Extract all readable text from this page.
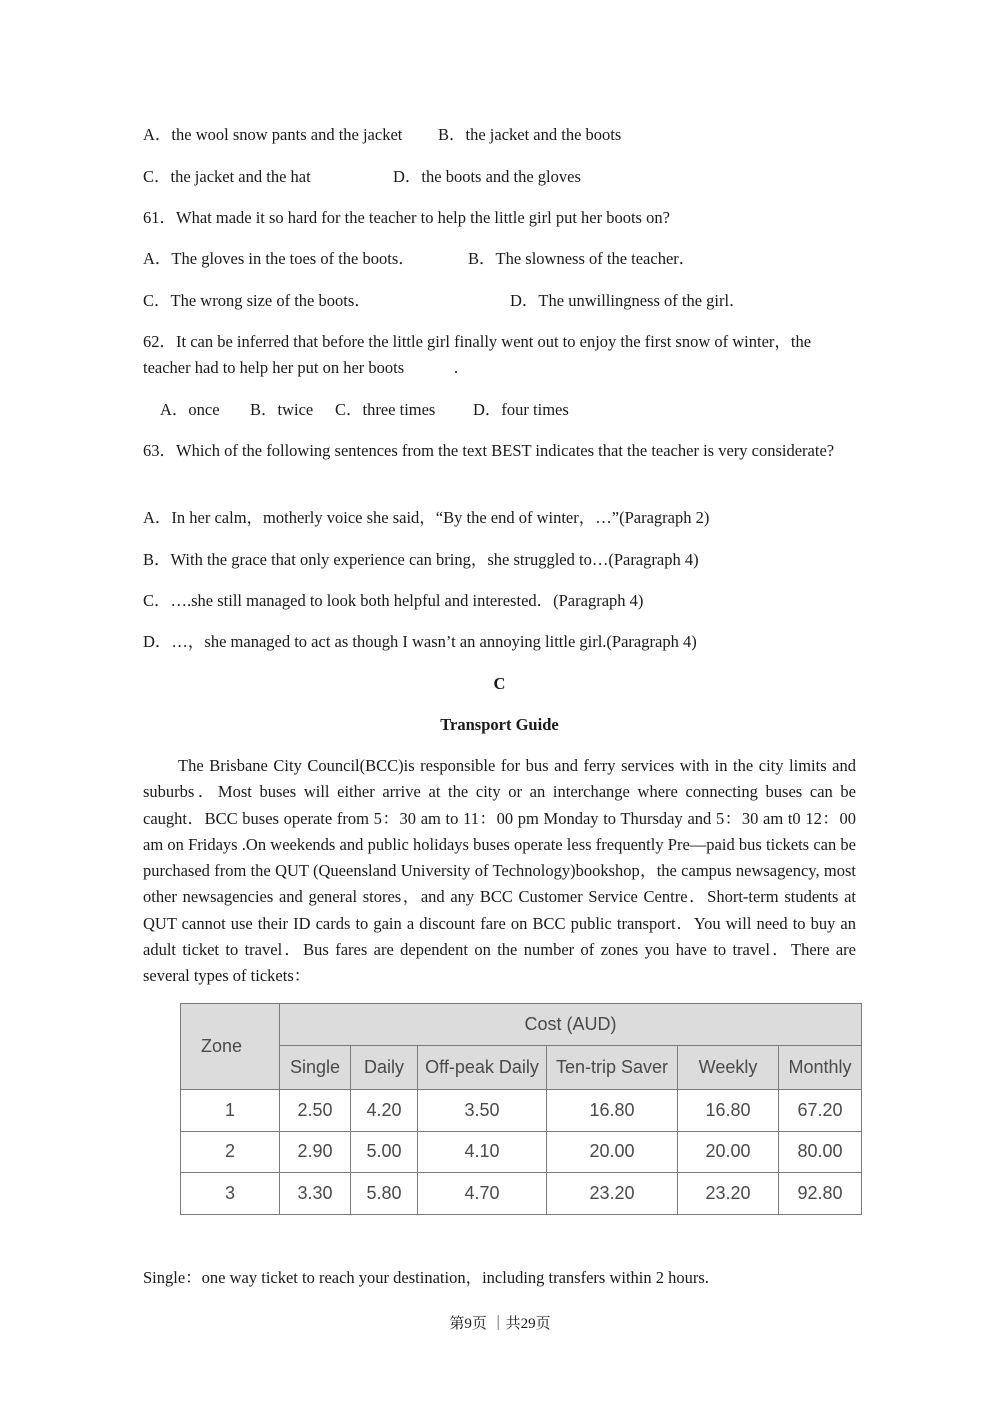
A．the wool snow pants and the jacket B．the jacket and the boots
C．the jacket and the hat	D．the boots and the gloves
61．What made it so hard for the teacher to help the little girl put her boots on?
A．The gloves in the toes of the boots．	B．The slowness of the teacher．
C．The wrong size of the boots．	D．The unwillingness of the girl．
62．It can be inferred that before the little girl finally went out to enjoy the first snow of winter，the
teacher had to help her put on her boots	.
A．once B．twice C．three times D．four times
63．Which of the following sentences from the text BEST indicates that the teacher is very considerate?
A．In her calm，motherly voice she said，“By the end of winter，…”(Paragraph 2)
B．With the grace that only experience can bring，she struggled to…(Paragraph 4)
C．….she still managed to look both helpful and interested．(Paragraph 4)
D．…，she managed to act as though I wasn’t an annoying little girl.(Paragraph 4)
C
Transport Guide
The Brisbane City Council(BCC)is responsible for bus and ferry services with in the city limits and suburbs．Most buses will either arrive at the city or an interchange where connecting buses can be caught．BCC buses operate from 5：30 am to 11：00 pm Monday to Thursday and 5：30 am t0 12：00 am on Fridays .On weekends and public holidays buses operate less frequently Pre—paid bus tickets can be purchased from the QUT (Queensland University of Technology)bookshop，the campus newsagency, most other newsagencies and general stores，and any BCC Customer Service Centre．Short-term students at QUT cannot use their ID cards to gain a discount fare on BCC public transport．You will need to buy an adult ticket to travel．Bus fares are dependent on the number of zones you have to travel．There are several types of tickets：
Zone	Cost (AUD)					
	Single	Daily	Off-peak Daily	Ten-trip Saver	Weekly	Monthly
1	2.50	4.20	3.50	16.80	16.80	67.20
2	2.90	5.00	4.10	20.00	20.00	80.00
3	3.30	5.80	4.70	23.20	23.20	92.80
Single：one way ticket to reach your destination，including transfers within 2 hours.
第9页 ｜共29页
